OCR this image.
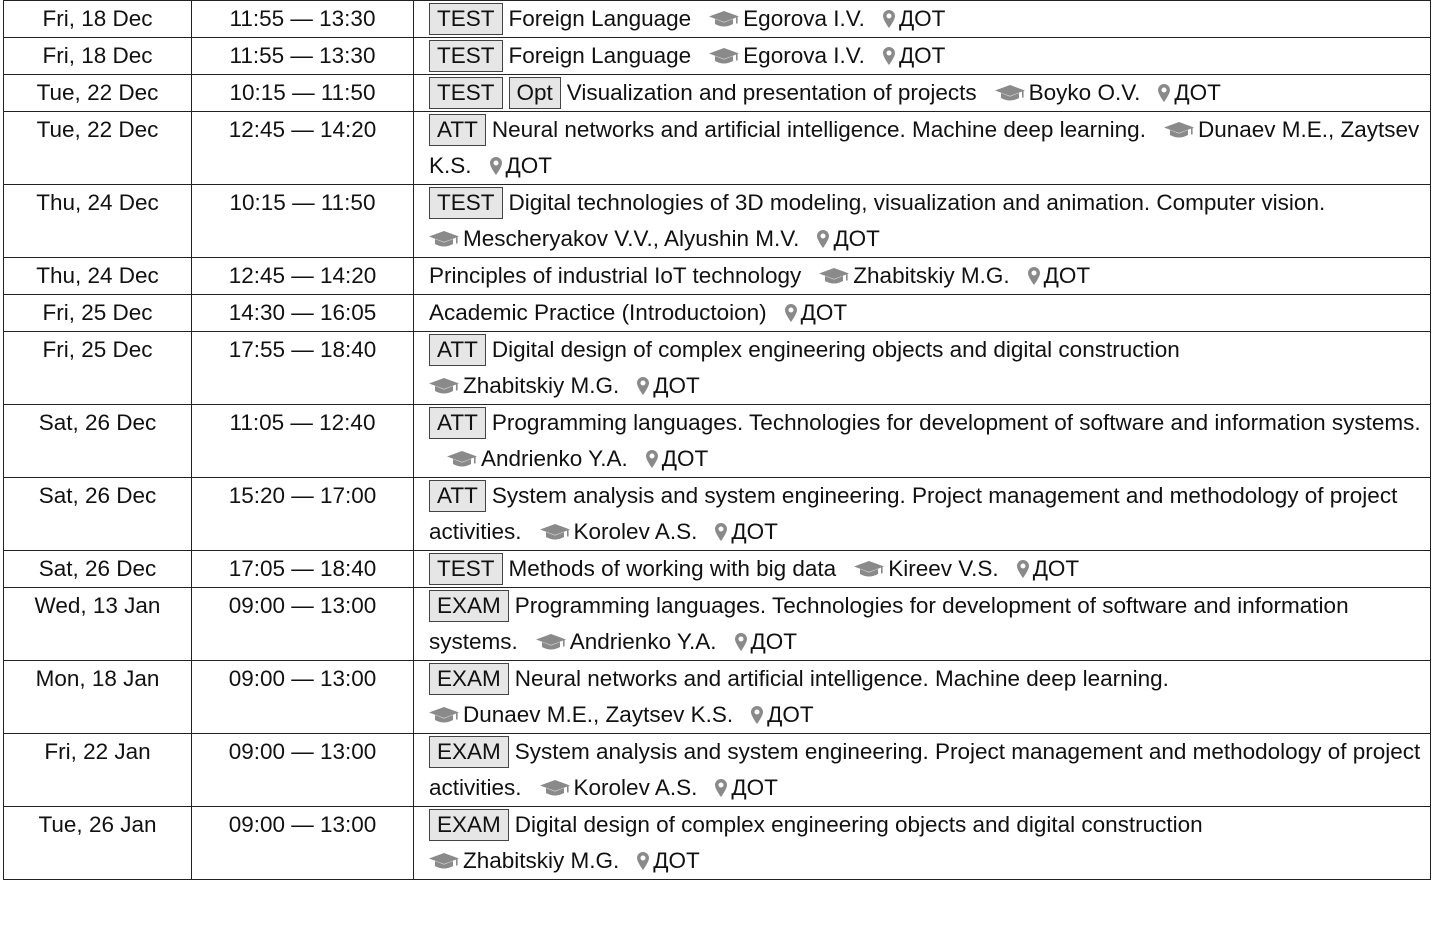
Fri, 18 Dec	11:55 — 13:30	TEST Foreign Language Egorova I.V. ДОТ
Fri, 18 Dec	11:55 — 13:30	TEST Foreign Language Egorova I.V. ДОТ
Tue, 22 Dec	10:15 — 11:50	TEST Opt Visualization and presentation of projects Boyko O.V. ДОТ
Tue, 22 Dec	12:45 — 14:20	ATT Neural networks and artificial intelligence. Machine deep learning. Dunaev M.E., Zaytsev K.S. ДОТ
Thu, 24 Dec	10:15 — 11:50	TEST Digital technologies of 3D modeling, visualization and animation. Computer vision.
Mescheryakov V.V., Alyushin M.V. ДОТ

Thu, 24 Dec	12:45 — 14:20	Principles of industrial IoT technology Zhabitskiy M.G. ДОТ
Fri, 25 Dec	14:30 — 16:05	Academic Practice (Introductoion) ДОТ
Fri, 25 Dec	17:55 — 18:40	ATT Digital design of complex engineering objects and digital construction
Zhabitskiy M.G. ДОТ

Sat, 26 Dec	11:05 — 12:40	ATT Programming languages. Technologies for development of software and information systems.
Andrienko Y.A. ДОТ
Sat, 26 Dec	15:20 — 17:00	ATT System analysis and system engineering. Project management and methodology of project activities. Korolev A.S. ДОТ
Sat, 26 Dec	17:05 — 18:40	TEST Methods of working with big data Kireev V.S. ДОТ
Wed, 13 Jan	09:00 — 13:00	EXAM Programming languages. Technologies for development of software and information systems. Andrienko Y.A. ДОТ
Mon, 18 Jan	09:00 — 13:00	EXAM Neural networks and artificial intelligence. Machine deep learning.
Dunaev M.E., Zaytsev K.S. ДОТ

Fri, 22 Jan	09:00 — 13:00	EXAM System analysis and system engineering. Project management and methodology of project activities. Korolev A.S. ДОТ
Tue, 26 Jan	09:00 — 13:00	EXAM Digital design of complex engineering objects and digital construction
Zhabitskiy M.G. ДОТ
